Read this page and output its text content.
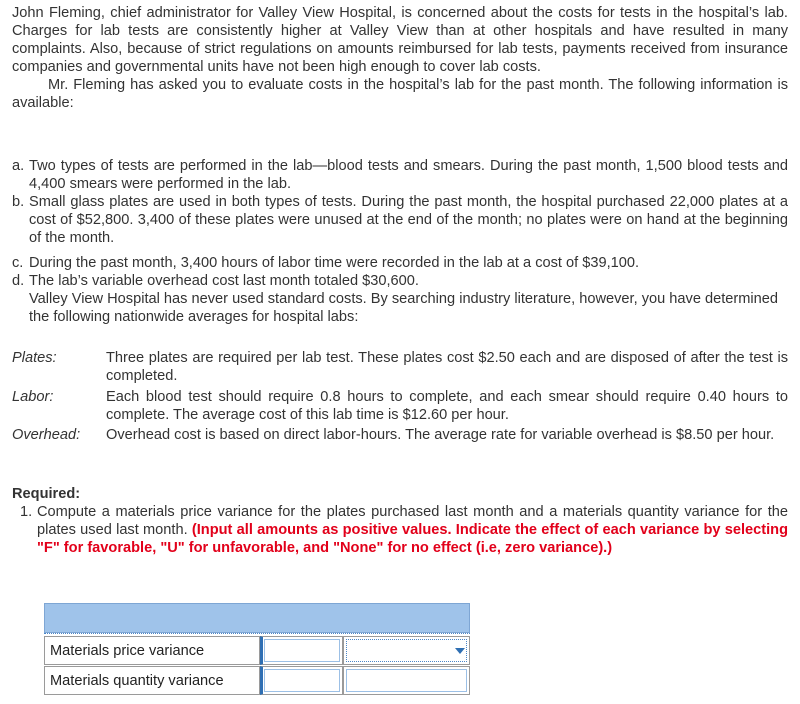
John Fleming, chief administrator for Valley View Hospital, is concerned about the costs for tests in the hospital’s lab. Charges for lab tests are consistently higher at Valley View than at other hospitals and have resulted in many complaints. Also, because of strict regulations on amounts reimbursed for lab tests, payments received from insurance companies and governmental units have not been high enough to cover lab costs.
Mr. Fleming has asked you to evaluate costs in the hospital’s lab for the past month. The following information is available:
a. Two types of tests are performed in the lab—blood tests and smears. During the past month, 1,500 blood tests and 4,400 smears were performed in the lab.
b. Small glass plates are used in both types of tests. During the past month, the hospital purchased 22,000 plates at a cost of $52,800. 3,400 of these plates were unused at the end of the month; no plates were on hand at the beginning of the month.
c. During the past month, 3,400 hours of labor time were recorded in the lab at a cost of $39,100.
d. The lab’s variable overhead cost last month totaled $30,600.
Valley View Hospital has never used standard costs. By searching industry literature, however, you have determined the following nationwide averages for hospital labs:
Plates:	Three plates are required per lab test. These plates cost $2.50 each and are disposed of after the test is completed.
Labor:	Each blood test should require 0.8 hours to complete, and each smear should require 0.40 hours to complete. The average cost of this lab time is $12.60 per hour.
Overhead: Overhead cost is based on direct labor-hours. The average rate for variable overhead is $8.50 per hour.
Required:
1. Compute a materials price variance for the plates purchased last month and a materials quantity variance for the plates used last month. (Input all amounts as positive values. Indicate the effect of each variance by selecting "F" for favorable, "U" for unfavorable, and "None" for no effect (i.e, zero variance).)
Materials price variance
Materials quantity variance
